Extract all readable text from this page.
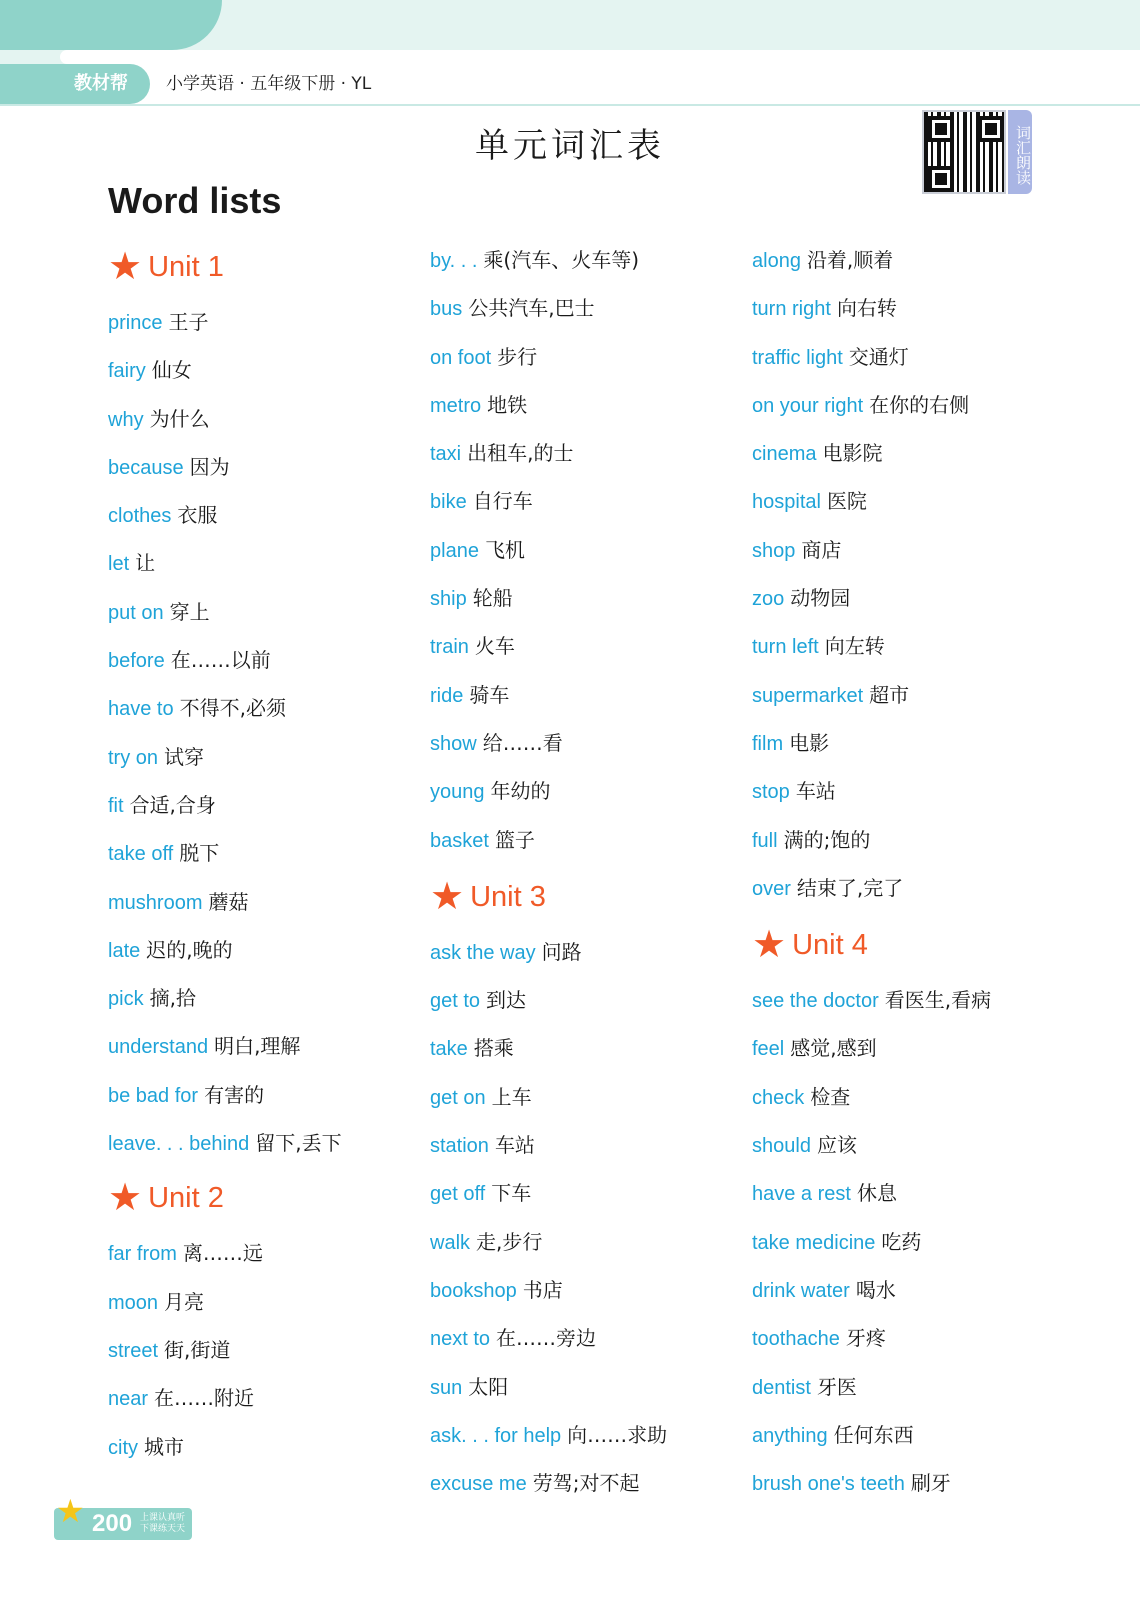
教材帮	小学英语 · 五年级下册 · YL
单元词汇表	词汇朗读
Word lists
★ Unit 1
prince 王子
fairy 仙女
why 为什么
because 因为
clothes 衣服
let 让
put on 穿上
before 在……以前
have to 不得不,必须
try on 试穿
fit 合适,合身
take off 脱下
mushroom 蘑菇
late 迟的,晚的
pick 摘,拾
understand 明白,理解
be bad for 有害的
leave. . . behind 留下,丢下
★ Unit 2
far from 离……远
moon 月亮
street 街,街道
near 在……附近
city 城市
by. . . 乘(汽车、火车等)
bus 公共汽车,巴士
on foot 步行
metro 地铁
taxi 出租车,的士
bike 自行车
plane 飞机
ship 轮船
train 火车
ride 骑车
show 给……看
young 年幼的
basket 篮子
★ Unit 3
ask the way 问路
get to 到达
take 搭乘
get on 上车
station 车站
get off 下车
walk 走,步行
bookshop 书店
next to 在……旁边
sun 太阳
ask. . . for help 向……求助
excuse me 劳驾;对不起
along 沿着,顺着
turn right 向右转
traffic light 交通灯
on your right 在你的右侧
cinema 电影院
hospital 医院
shop 商店
zoo 动物园
turn left 向左转
supermarket 超市
film 电影
stop 车站
full 满的;饱的
over 结束了,完了
★ Unit 4
see the doctor 看医生,看病
feel 感觉,感到
check 检查
should 应该
have a rest 休息
take medicine 吃药
drink water 喝水
toothache 牙疼
dentist 牙医
anything 任何东西
brush one's teeth 刷牙
200 上课认真听
下课练天天
★
